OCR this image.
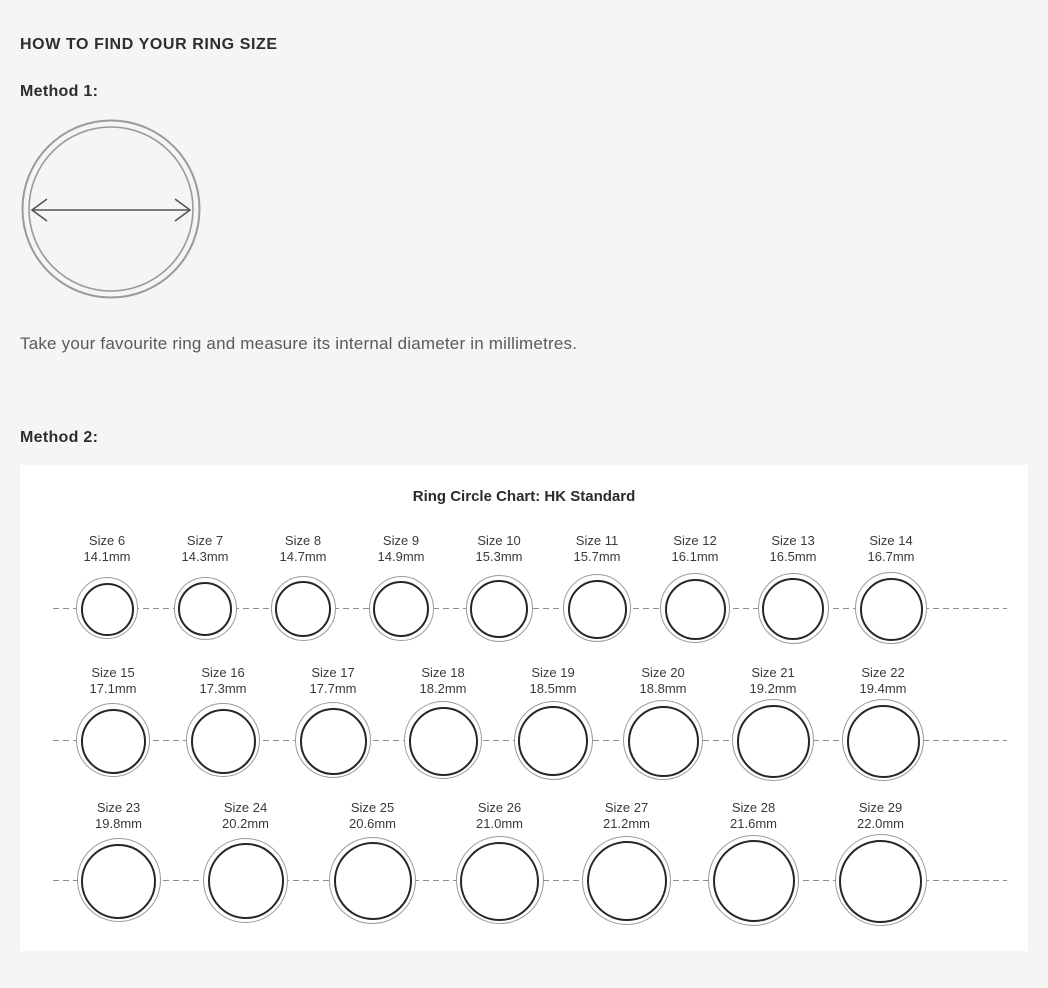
HOW TO FIND YOUR RING SIZE
Method 1:

Take your favourite ring and measure its internal diameter in millimetres.

Method 2:
Ring Circle Chart: HK Standard
Size 6
14.1mm
Size 7
14.3mm
Size 8
14.7mm
Size 9
14.9mm
Size 10
15.3mm
Size 11
15.7mm
Size 12
16.1mm
Size 13
16.5mm
Size 14
16.7mm
Size 15
17.1mm
Size 16
17.3mm
Size 17
17.7mm
Size 18
18.2mm
Size 19
18.5mm
Size 20
18.8mm
Size 21
19.2mm
Size 22
19.4mm
Size 23
19.8mm
Size 24
20.2mm
Size 25
20.6mm
Size 26
21.0mm
Size 27
21.2mm
Size 28
21.6mm
Size 29
22.0mm
